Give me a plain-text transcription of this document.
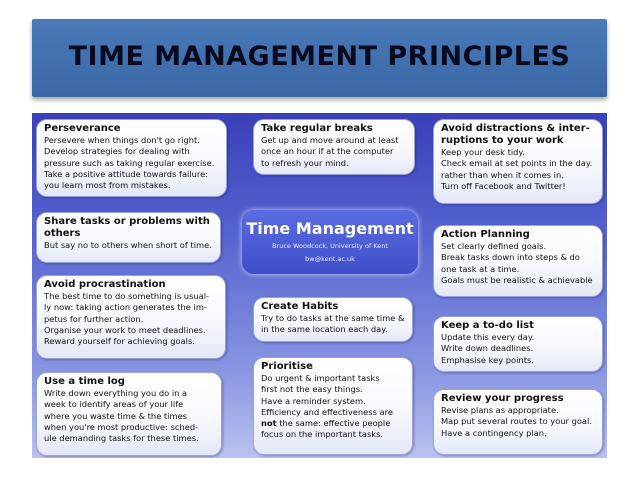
TIME MANAGEMENT PRINCIPLES
Perseverance
Persevere when things don't go right.
Develop strategies for dealing with
pressure such as taking regular exercise.
Take a positive attitude towards failure:
you learn most from mistakes.
Share tasks or problems with
others
But say no to others when short of time.
Avoid procrastination
The best time to do something is usual-
ly now: taking action generates the im-
petus for further action.
Organise your work to meet deadlines.
Reward yourself for achieving goals.
Use a time log
Write down everything you do in a
week to identify areas of your life
where you waste time & the times
when you're most productive: sched-
ule demanding tasks for these times.
Take regular breaks
Get up and move around at least
once an hour if at the computer
to refresh your mind.
Time Management
Bruce Woodcock, University of Kent
bw@kent.ac.uk
Create Habits
Try to do tasks at the same time &
in the same location each day.
Prioritise
Do urgent & important tasks
first not the easy things.
Have a reminder system.
Efficiency and effectiveness are
not the same: effective people
focus on the important tasks.
Avoid distractions & inter-
ruptions to your work
Keep your desk tidy.
Check email at set points in the day.
rather than when it comes in.
Turn off Facebook and Twitter!
Action Planning
Set clearly defined goals.
Break tasks down into steps & do
one task at a time.
Goals must be realistic & achievable
Keep a to-do list
Update this every day.
Write down deadlines.
Emphasise key points.
Review your progress
Revise plans as appropriate.
Map put several routes to your goal.
Have a contingency plan.
